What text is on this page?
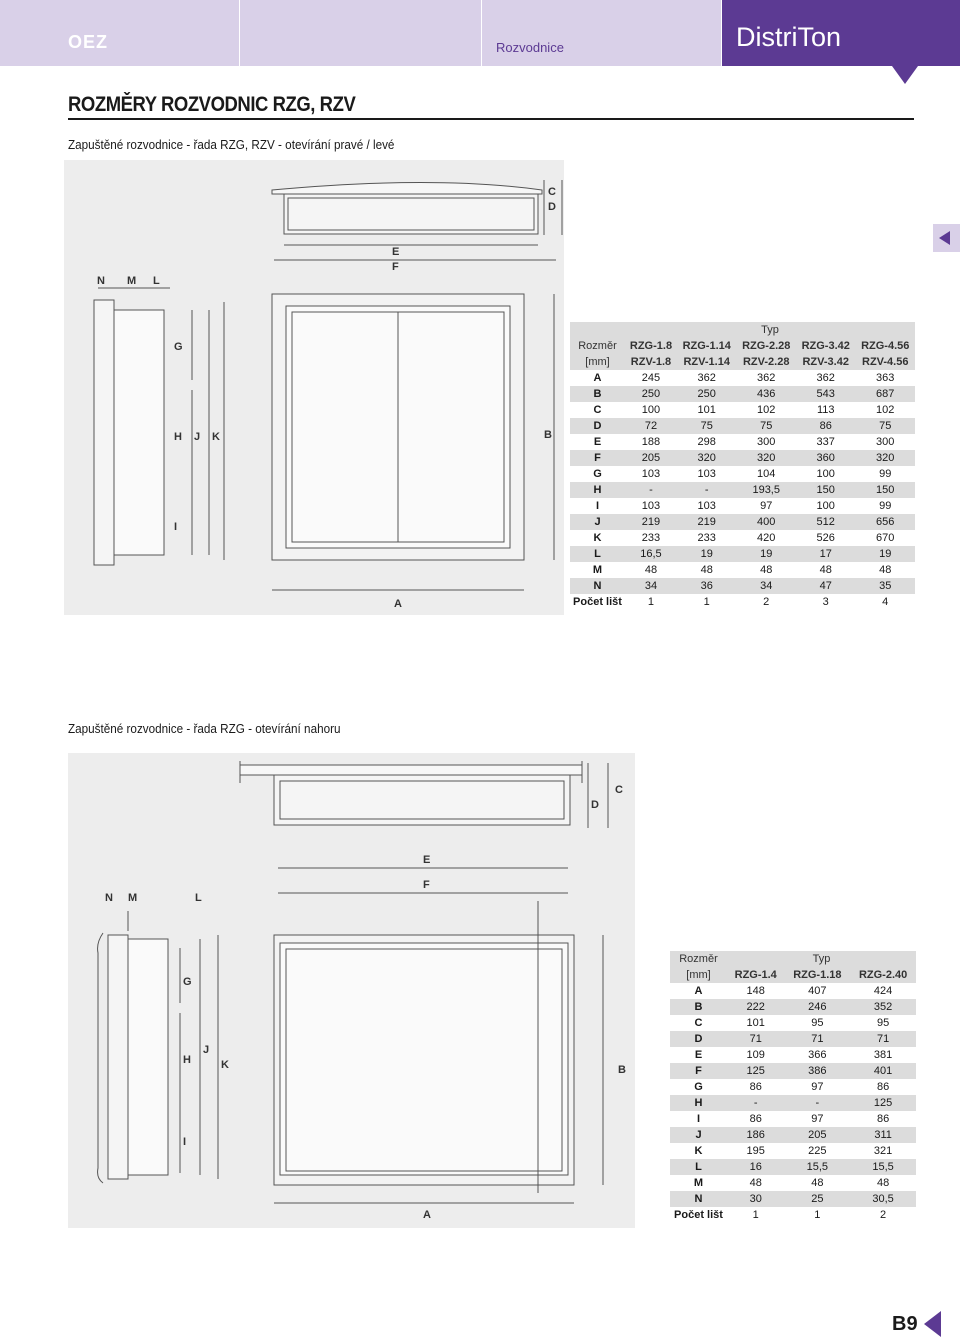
OEZ	Rozvodnice	DistriTon
ROZMĚRY ROZVODNIC RZG, RZV
Zapuštěné rozvodnice - řada RZG, RZV - otevírání pravé / levé
N M L
G
H J K
I
E
F
D
C
B
A
	Typ				
Rozměr	RZG-1.8	RZG-1.14	RZG-2.28	RZG-3.42	RZG-4.56
[mm]	RZV-1.8	RZV-1.14	RZV-2.28	RZV-3.42	RZV-4.56
A	245	362	362	362	363
B	250	250	436	543	687
C	100	101	102	113	102
D	72	75	75	86	75
E	188	298	300	337	300
F	205	320	320	360	320
G	103	103	104	100	99
H	-	-	193,5	150	150
I	103	103	97	100	99
J	219	219	400	512	656
K	233	233	420	526	670
L	16,5	19	19	17	19
M	48	48	48	48	48
N	34	36	34	47	35
Počet lišt	1	1	2	3	4
Zapuštěné rozvodnice - řada RZG - otevírání nahoru
N M	L
G
H
J
K
I
E
F
D
C
B
A
Rozměr	Typ		
[mm]	RZG-1.4	RZG-1.18	RZG-2.40
A	148	407	424
B	222	246	352
C	101	95	95
D	71	71	71
E	109	366	381
F	125	386	401
G	86	97	86
H	-	-	125
I	86	97	86
J	186	205	311
K	195	225	321
L	16	15,5	15,5
M	48	48	48
N	30	25	30,5
Počet lišt	1	1	2
B9
